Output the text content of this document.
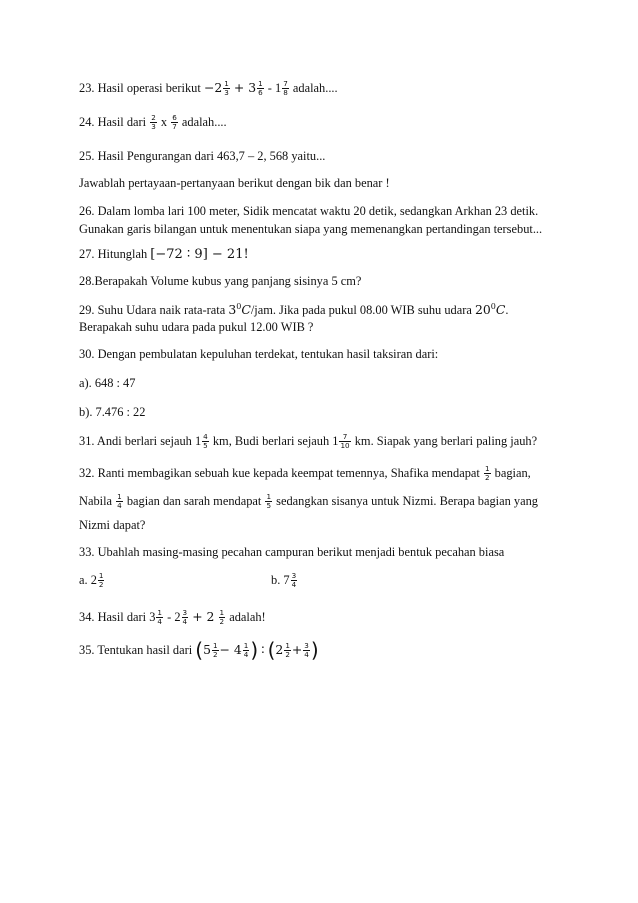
23. Hasil operasi berikut $-2 \frac{1}{3} + 3 \frac{1}{6} - 1 \frac{7}{8}$ adalah....
24. Hasil dari $\frac{2}{3}$ x $\frac{6}{7}$ adalah....
25. Hasil Pengurangan dari 463,7 – 2, 568 yaitu...
Jawablah pertayaan-pertanyaan berikut dengan bik dan benar !
26. Dalam lomba lari 100 meter, Sidik mencatat waktu 20 detik, sedangkan Arkhan 23 detik.
Gunakan garis bilangan untuk menentukan siapa yang memenangkan pertandingan tersebut...
27. Hitunglah [−72 ∶ 9] − 21!
28.Berapakah Volume kubus yang panjang sisinya 5 cm?
29. Suhu Udara naik rata-rata $3^0C$/jam. Jika pada pukul 08.00 WIB suhu udara $20^0C$.
Berapakah suhu udara pada pukul 12.00 WIB ?
30. Dengan pembulatan kepuluhan terdekat, tentukan hasil taksiran dari:
a). 648 : 47
b). 7.476 : 22
31. Andi berlari sejauh $1 \frac{4}{5}$ km, Budi berlari sejauh $1 \frac{7}{10}$ km. Siapak yang berlari paling jauh?
32. Ranti membagikan sebuah kue kepada keempat temennya, Shafika mendapat $\frac{1}{2}$ bagian,
Nabila $\frac{1}{4}$ bagian dan sarah mendapat $\frac{1}{5}$ sedangkan sisanya untuk Nizmi. Berapa bagian yang
Nizmi dapat?
33. Ubahlah masing-masing pecahan campuran berikut menjadi bentuk pecahan biasa
a. $2 \frac{1}{2}$	b. $7 \frac{3}{4}$
34. Hasil dari $3 \frac{1}{4} - 2 \frac{3}{4} + 2 \frac{1}{2}$ adalah!
35. Tentukan hasil dari ($5 \frac{1}{2} - 4 \frac{1}{4}$ ) ∶ ($2 \frac{1}{2} + \frac{3}{4}$ )
